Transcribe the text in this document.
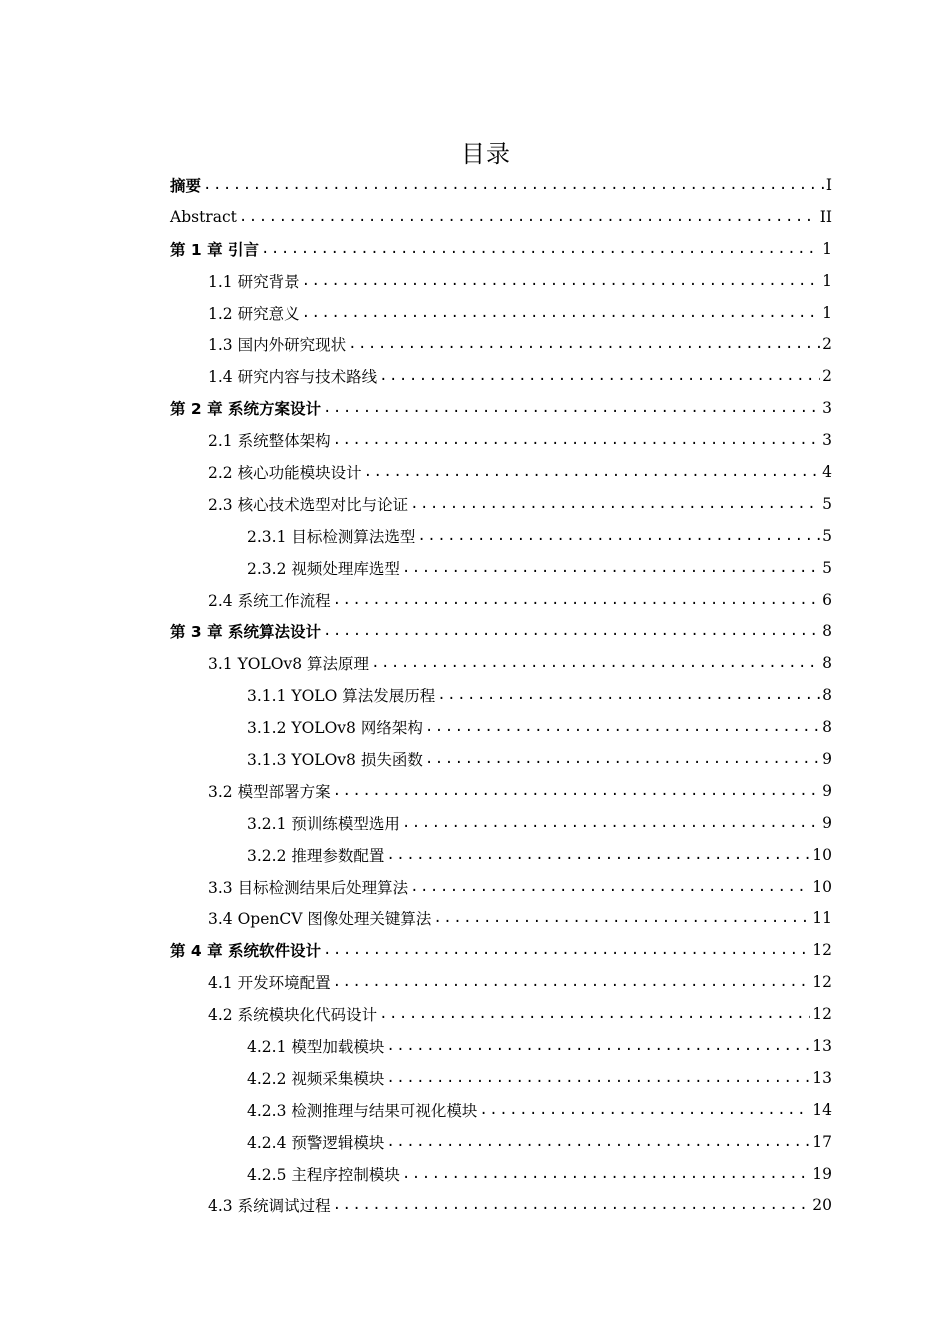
目录
摘要 .....	I
Abstract .....	II
第 1 章 引言 .....	1
1.1 研究背景 .....	1
1.2 研究意义 .....	1
1.3 国内外研究现状 .....	2
1.4 研究内容与技术路线 .....	2
第 2 章 系统方案设计 .....	3
2.1 系统整体架构 .....	3
2.2 核心功能模块设计 .....	4
2.3 核心技术选型对比与论证 .....	5
2.3.1 目标检测算法选型 .....	5
2.3.2 视频处理库选型 .....	5
2.4 系统工作流程 .....	6
第 3 章 系统算法设计 .....	8
3.1 YOLOv8 算法原理 .....	8
3.1.1 YOLO 算法发展历程 .....	8
3.1.2 YOLOv8 网络架构 .....	8
3.1.3 YOLOv8 损失函数 .....	9
3.2 模型部署方案 .....	9
3.2.1 预训练模型选用 .....	9
3.2.2 推理参数配置 .....	10
3.3 目标检测结果后处理算法 .....	10
3.4 OpenCV 图像处理关键算法 .....	11
第 4 章 系统软件设计 .....	12
4.1 开发环境配置 .....	12
4.2 系统模块化代码设计 .....	12
4.2.1 模型加载模块 .....	13
4.2.2 视频采集模块 .....	13
4.2.3 检测推理与结果可视化模块 .....	14
4.2.4 预警逻辑模块 .....	17
4.2.5 主程序控制模块 .....	19
4.3 系统调试过程 .....	20
